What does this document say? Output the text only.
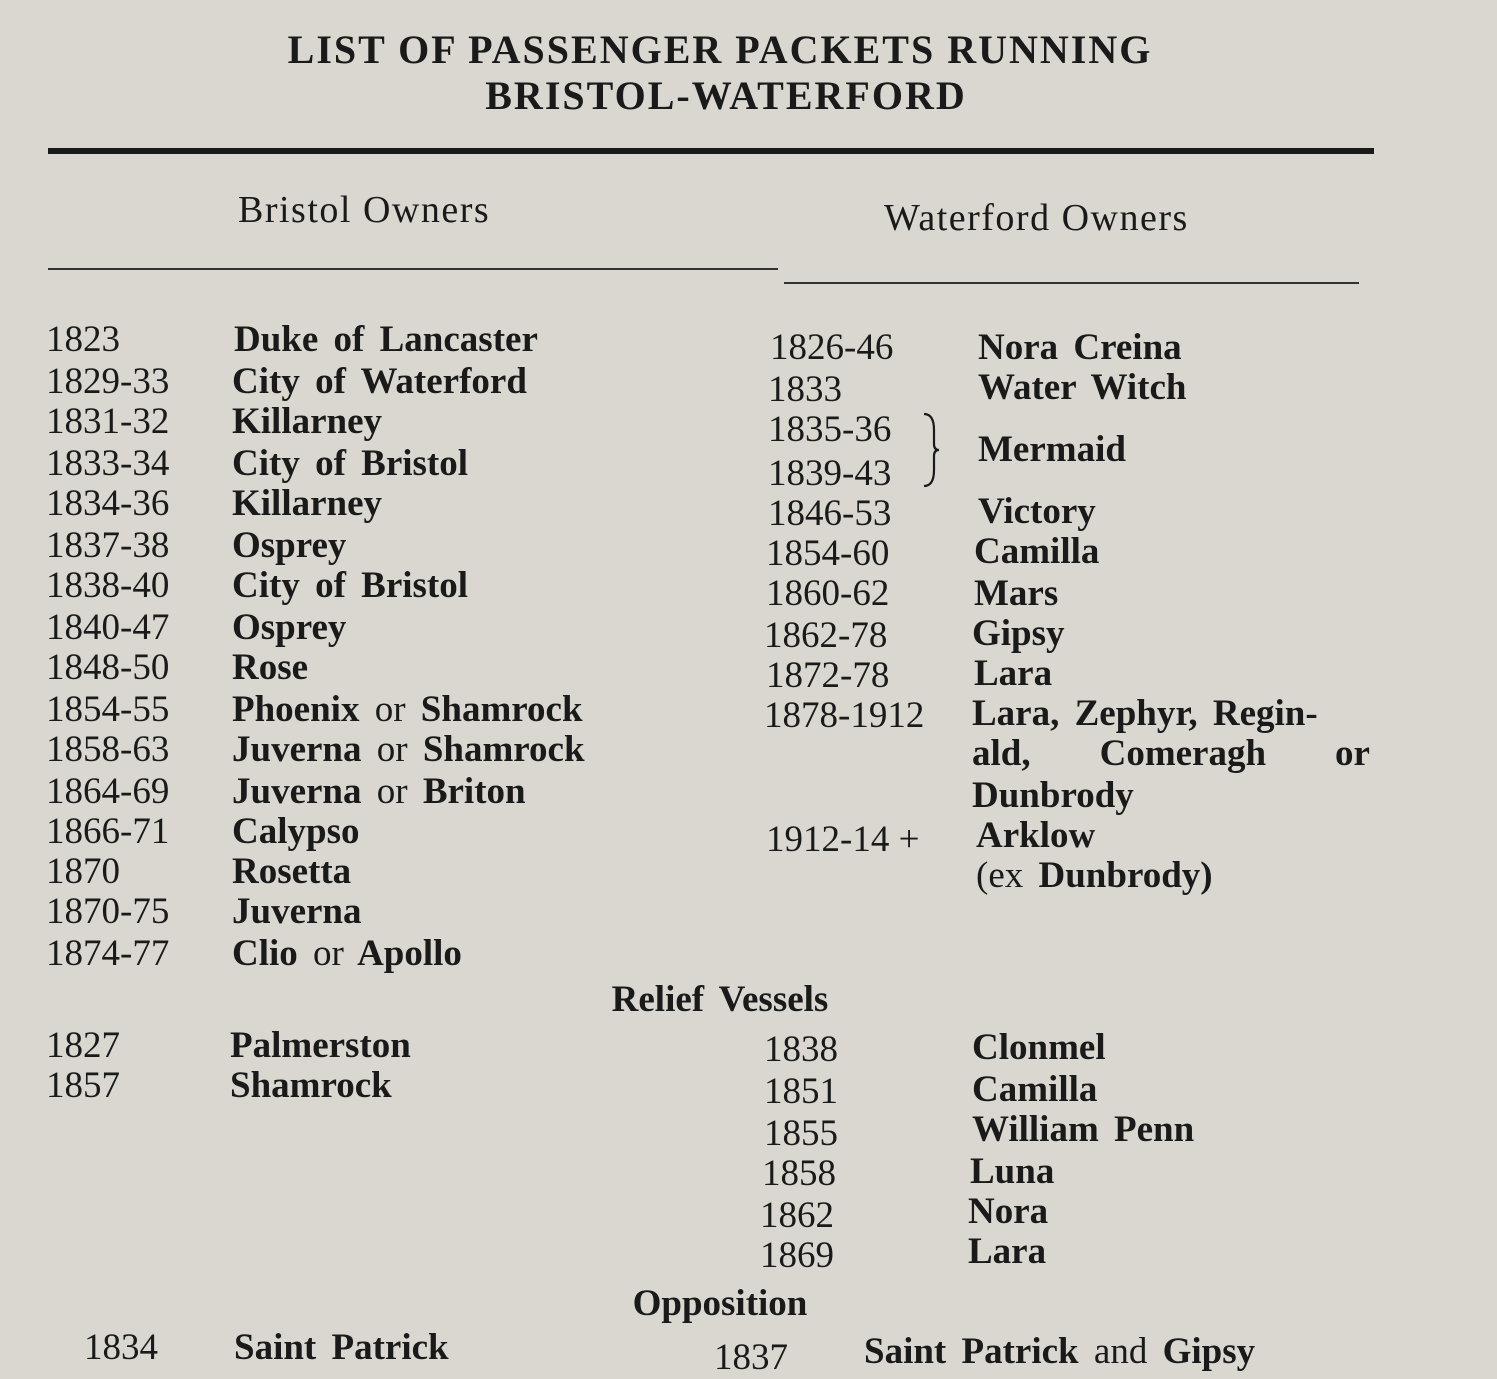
LIST OF PASSENGER PACKETS RUNNING
BRISTOL-WATERFORD
Bristol Owners	Waterford Owners
1823	Duke of Lancaster
1829-33 City of Waterford
1831-32 Killarney
1833-34 City of Bristol
1834-36 Killarney
1837-38 Osprey
1838-40 City of Bristol
1840-47 Osprey
1848-50 Rose
1854-55 Phoenix or Shamrock
1858-63 Juverna or Shamrock
1864-69 Juverna or Briton
1866-71 Calypso
1870	Rosetta
1870-75 Juverna
1874-77 Clio or Apollo
1826-46 Nora Creina
1833	Water Witch
1835-36
1839-43
Mermaid
1846-53 Victory
1854-60 Camilla
1860-62 Mars
1862-78 Gipsy
1872-78 Lara
1878-1912 Lara, Zephyr, Regin-
ald, Comeragh or
Dunbrody
1912-14 + Arklow
(ex Dunbrody)
Relief Vessels
1827	Palmerston
1857	Shamrock
1838	Clonmel
1851	Camilla
1855	William Penn
1858	Luna
1862	Nora
1869	Lara
Opposition
1834 Saint Patrick	1837 Saint Patrick and Gipsy
